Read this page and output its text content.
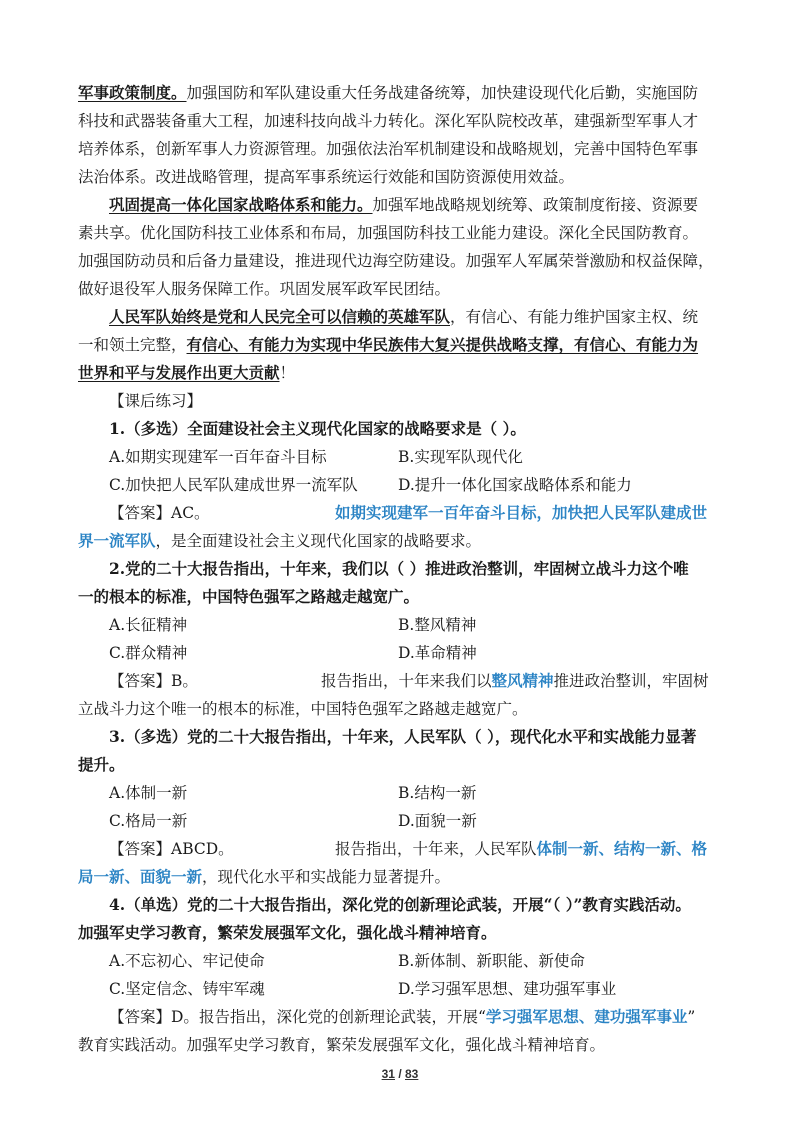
军事政策制度。加强国防和军队建设重大任务战建备统筹，加快建设现代化后勤，实施国防
科技和武器装备重大工程，加速科技向战斗力转化。深化军队院校改革，建强新型军事人才
培养体系，创新军事人力资源管理。加强依法治军机制建设和战略规划，完善中国特色军事
法治体系。改进战略管理，提高军事系统运行效能和国防资源使用效益。
巩固提高一体化国家战略体系和能力。加强军地战略规划统筹、政策制度衔接、资源要
素共享。优化国防科技工业体系和布局，加强国防科技工业能力建设。深化全民国防教育。
加强国防动员和后备力量建设，推进现代边海空防建设。加强军人军属荣誉激励和权益保障，
做好退役军人服务保障工作。巩固发展军政军民团结。
人民军队始终是党和人民完全可以信赖的英雄军队，有信心、有能力维护国家主权、统
一和领土完整，有信心、有能力为实现中华民族伟大复兴提供战略支撑，有信心、有能力为
世界和平与发展作出更大贡献！
【课后练习】
1.（多选）全面建设社会主义现代化国家的战略要求是（ ）。
A.如期实现建军一百年奋斗目标	B.实现军队现代化
C.加快把人民军队建成世界一流军队	D.提升一体化国家战略体系和能力
【答案】AC。	如期实现建军一百年奋斗目标，加快把人民军队建成世
界一流军队，是全面建设社会主义现代化国家的战略要求。
2.党的二十大报告指出，十年来，我们以（ ）推进政治整训，牢固树立战斗力这个唯
一的根本的标准，中国特色强军之路越走越宽广。
A.长征精神	B.整风精神
C.群众精神	D.革命精神
【答案】B。	报告指出，十年来我们以整风精神推进政治整训，牢固树
立战斗力这个唯一的根本的标准，中国特色强军之路越走越宽广。
3.（多选）党的二十大报告指出，十年来，人民军队（ ），现代化水平和实战能力显著
提升。
A.体制一新	B.结构一新
C.格局一新	D.面貌一新
【答案】ABCD。	报告指出，十年来，人民军队体制一新、结构一新、格
局一新、面貌一新，现代化水平和实战能力显著提升。
4.（单选）党的二十大报告指出，深化党的创新理论武装，开展“（ ）”教育实践活动。
加强军史学习教育，繁荣发展强军文化，强化战斗精神培育。
A.不忘初心、牢记使命	B.新体制、新职能、新使命
C.坚定信念、铸牢军魂	D.学习强军思想、建功强军事业
【答案】D。报告指出，深化党的创新理论武装，开展“学习强军思想、建功强军事业”
教育实践活动。加强军史学习教育，繁荣发展强军文化，强化战斗精神培育。
31 / 83
